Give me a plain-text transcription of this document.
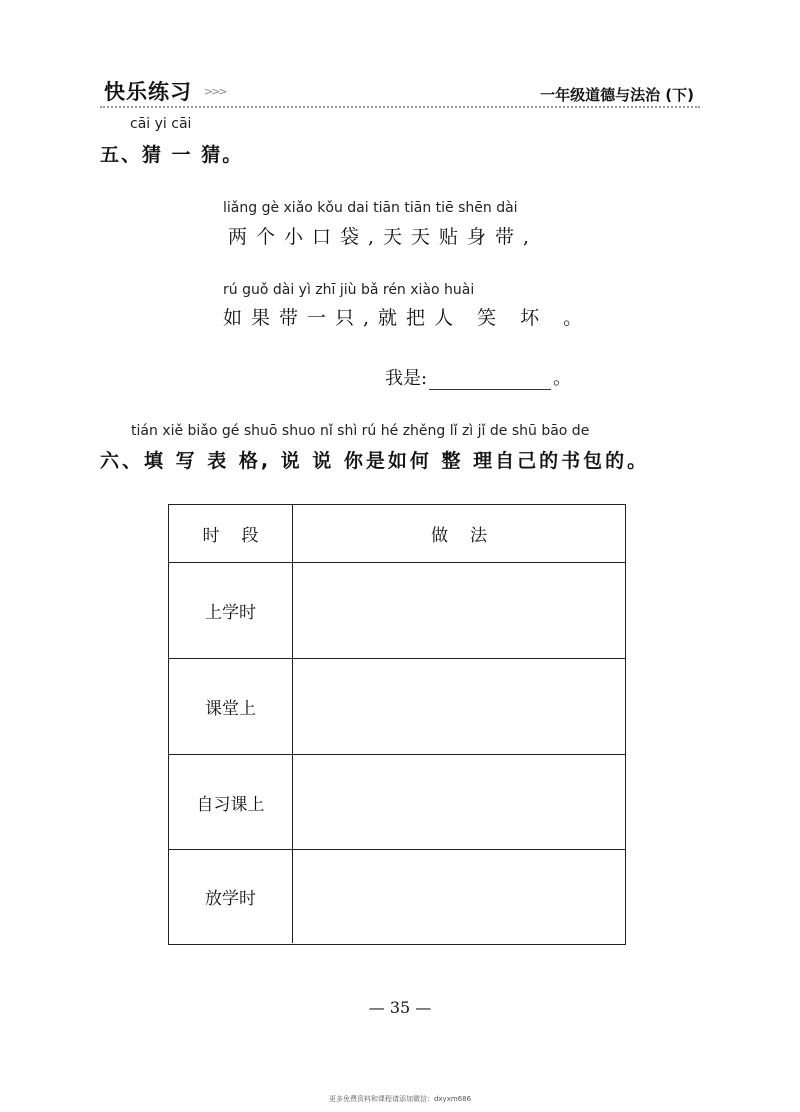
快乐练习 >>>	一年级道德与法治 (下)
cāi yi cāi
五、猜 一 猜。
liǎng gè xiǎo kǒu dai tiān tiān tiē shēn dài
两个小口袋,天天贴身带,
rú guǒ dài yì zhī jiù bǎ rén xiào huài
如果带一只,就把人 笑 坏 。
我是:	。
tián xiě biǎo gé shuō shuo nǐ shì rú hé zhěng lǐ zì jǐ de shū bāo de
六、填 写 表 格, 说 说 你是如何 整 理自己的书包的。
时段	做法
上学时
课堂上
自习课上
放学时
— 35 —
更多免费资料和课程请添加微信：dxyxm686
